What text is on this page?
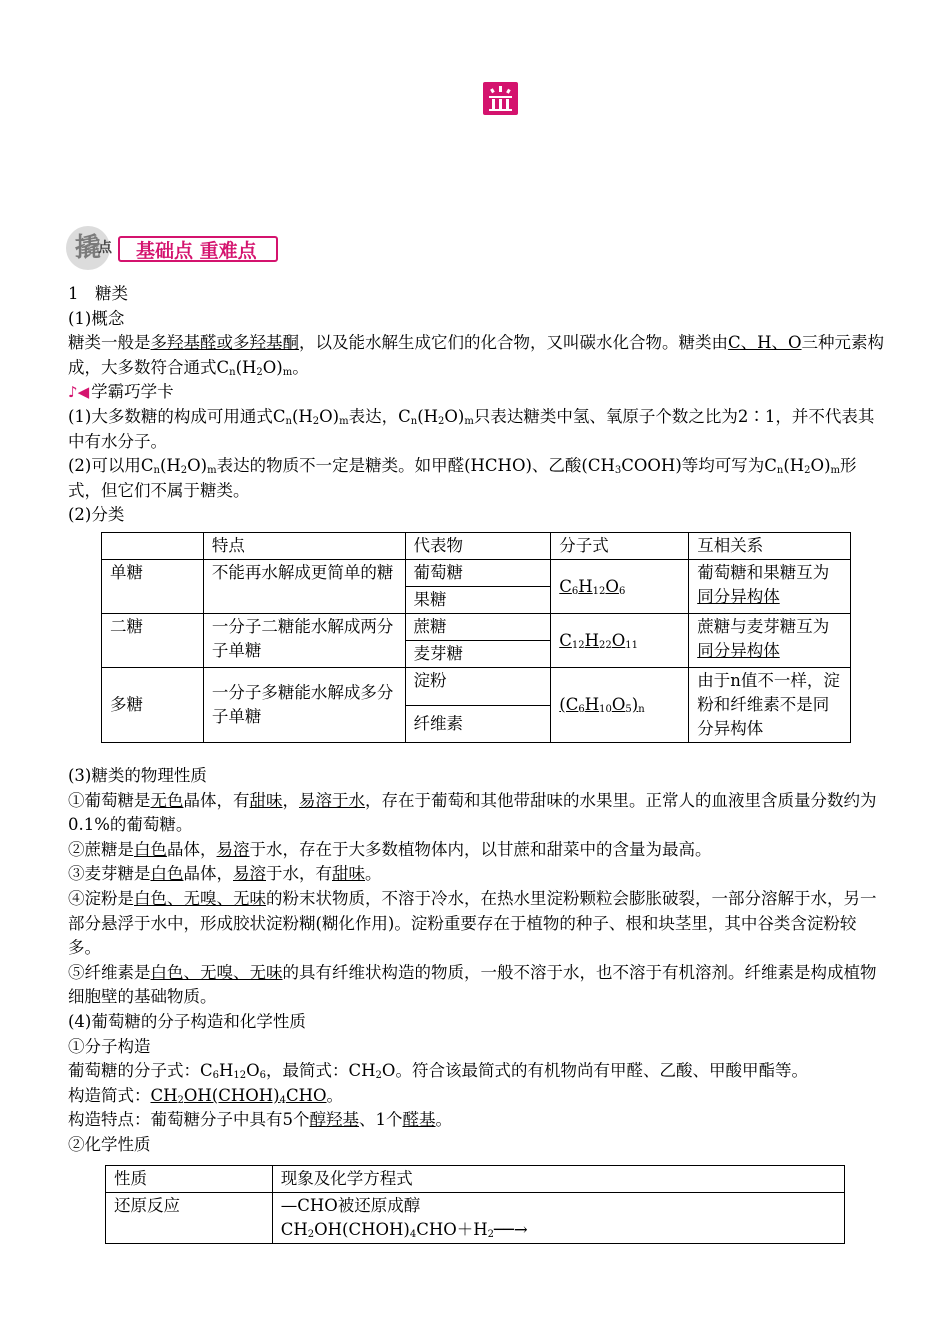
撬
点	基础点 重难点

1　糖类

(1)概念

糖类一般是多羟基醛或多羟基酮，以及能水解生成它们的化合物，又叫碳水化合物。糖类由C、H、O三种元素构成，大多数符合通式$C_n(H_2O)_m$。

♪◀ 学霸巧学卡

(1)大多数糖的构成可用通式$C_n(H_2O)_m$表达，$C_n(H_2O)_m$只表达糖类中氢、氧原子个数之比为2∶1，并不代表其中有水分子。

(2)可以用$C_n(H_2O)_m$表达的物质不一定是糖类。如甲醛(HCHO)、乙酸$(CH_3COOH)$等均可写为$C_n(H_2O)_m$形式，但它们不属于糖类。

(2)分类

	特点	代表物	分子式	互相关系
单糖	不能再水解成更简单的糖	葡萄糖	$C_6H_{12}O_6$	葡萄糖和果糖互为同分异构体
		果糖		
二糖	一分子二糖能水解成两分子单糖	蔗糖	$C_{12}H_{22}O_{11}$	蔗糖与麦芽糖互为同分异构体
		麦芽糖		
多糖	一分子多糖能水解成多分子单糖	淀粉	$(C_6H_{10}O_5)_n$	由于n值不一样，淀粉和纤维素不是同分异构体
		纤维素		

(3)糖类的物理性质

①葡萄糖是无色晶体，有甜味，易溶于水，存在于葡萄和其他带甜味的水果里。正常人的血液里含质量分数约为0.1%的葡萄糖。

②蔗糖是白色晶体，易溶于水，存在于大多数植物体内，以甘蔗和甜菜中的含量为最高。

③麦芽糖是白色晶体，易溶于水，有甜味。

④淀粉是白色、无嗅、无味的粉末状物质，不溶于冷水，在热水里淀粉颗粒会膨胀破裂，一部分溶解于水，另一部分悬浮于水中，形成胶状淀粉糊(糊化作用)。淀粉重要存在于植物的种子、根和块茎里，其中谷类含淀粉较多。

⑤纤维素是白色、无嗅、无味的具有纤维状构造的物质，一般不溶于水，也不溶于有机溶剂。纤维素是构成植物细胞壁的基础物质。

(4)葡萄糖的分子构造和化学性质

①分子构造

葡萄糖的分子式：$C_6H_{12}O_6$，最简式：$CH_2O$。符合该最简式的有机物尚有甲醛、乙酸、甲酸甲酯等。

构造简式：$CH_2OH(CHOH)_4CHO$。

构造特点：葡萄糖分子中具有5个醇羟基、1个醛基。

②化学性质

性质	现象及化学方程式
还原反应	—CHO被还原成醇
$CH_2OH(CHOH)_4CHO+H_2──\to$
